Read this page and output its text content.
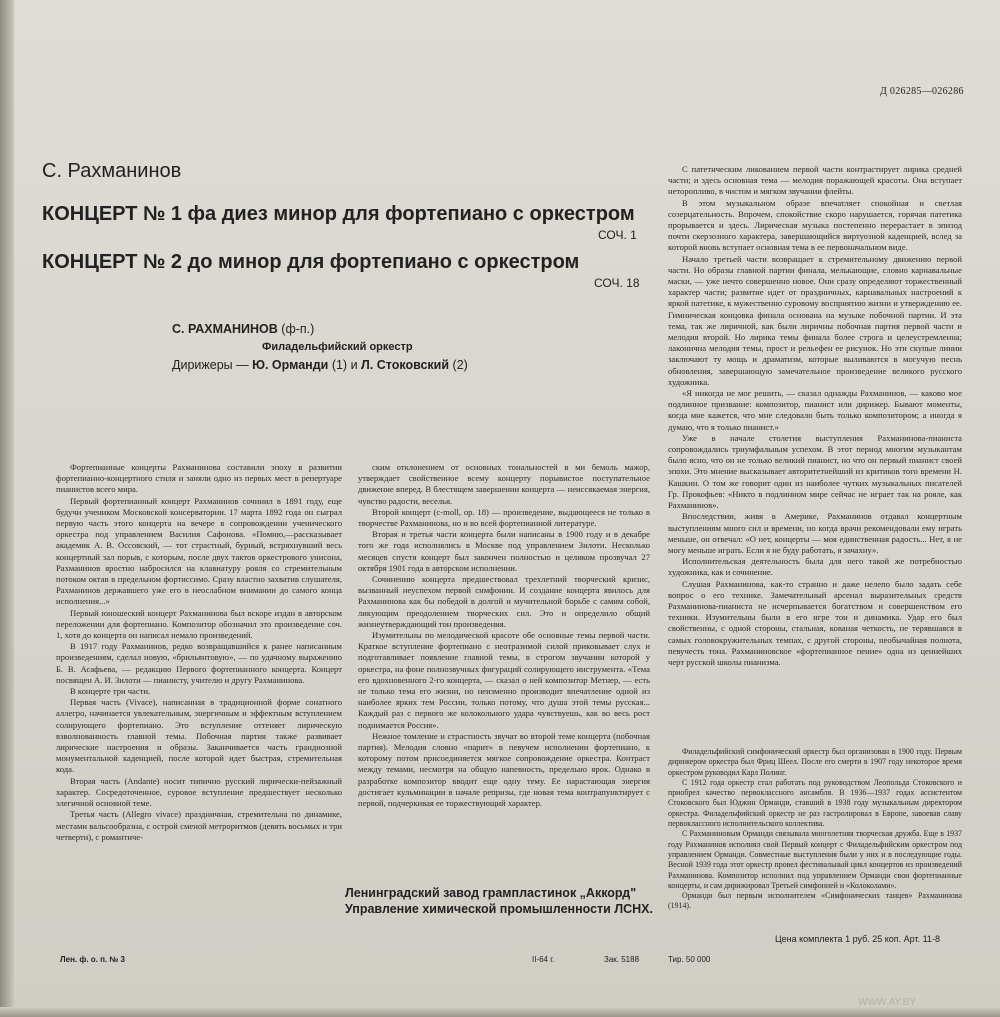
Д 026285—026286
С. Рахманинов
КОНЦЕРТ № 1 фа диез минор для фортепиано с оркестром
СОЧ. 1
КОНЦЕРТ № 2 до минор для фортепиано с оркестром
СОЧ. 18
С. РАХМАНИНОВ (ф-п.)
Филадельфийский оркестр
Дирижеры — Ю. Орманди (1) и Л. Стоковский (2)

Фортепианные концерты Рахманинова составили эпоху в развитии фортепианно-концертного стиля и заняли одно из первых мест в репертуаре пианистов всего мира.

Первый фортепианный концерт Рахманинов сочинил в 1891 году, еще будучи учеником Московской консерватории. 17 марта 1892 года он сыграл первую часть этого концерта на вечере в сопровождении ученического оркестра под управлением Василия Сафонова. «Помню,—рассказывает академик А. В. Оссовский, — тот страстный, бурный, встряхнувший весь концертный зал порыв, с которым, после двух тактов оркестрового унисона, Рахманинов яростно набросился на клавиатуру рояля со стремительным потоком октав в предельном фортиссимо. Сразу властно захватив слушателя, Рахманинов державшего уже его в неослабном внимании до самого конца исполнения...»

Первый юношеский концерт Рахманинова был вскоре издан в авторском переложении для фортепиано. Композитор обозначил это произведение соч. 1, хотя до концерта он написал немало произведений.

В 1917 году Рахманинов, редко возвращавшийся к ранее написанным произведениям, сделал новую, «брильянтовую», — по удачному выражению Б. В. Асафьева, — редакцию Первого фортепианного концерта. Концерт посвящен А. И. Зилоти — пианисту, учителю и другу Рахманинова.

В концерте три части.

Первая часть (Vivace), написанная в традиционной форме сонатного аллегро, начинается увлекательным, энергичным и эффектным вступлением солирующего фортепиано. Это вступление оттеняет лирическую взволнованность главной темы. Побочная партия также развивает лирические настроения и образы. Заканчивается часть грандиозной монументальной каденцией, после которой идет быстрая, стремительная кода.

Вторая часть (Andante) носит типично русский лирически-пейзажный характер. Сосредоточенное, суровое вступление предшествует несколько элегичной основной теме.

Третья часть (Allegro vivace) праздничная, стремительна по динамике, местами вальсообразна, с острой сменой метроритмов (девять восьмых и три четверти), с романтиче-

ским отклонением от основных тональностей в ми бемоль мажор, утверждает свойственное всему концерту порывистое поступательное движение вперед. В блестящем завершении концерта — неиссякаемая энергия, чувство радости, веселья.

Второй концерт (c-moll, op. 18) — произведение, выдающееся не только в творчестве Рахманинова, но и во всей фортепианной литературе.

Вторая и третья части концерта были написаны в 1900 году и в декабре того же года исполнялись в Москве под управлением Зилоти. Несколько месяцев спустя концерт был закончен полностью и целиком прозвучал 27 октября 1901 года в авторском исполнении.

Сочинению концерта предшествовал трехлетний творческий кризис, вызванный неуспехом первой симфонии. И создание концерта явилось для Рахманинова как бы победой в долгой и мучительной борьбе с самим собой, ликующим преодолением творческих сил. Это и определило общий жизнеутверждающий тон произведения.

Изумительны по мелодической красоте обе основные темы первой части. Краткое вступление фортепиано с неотразимой силой приковывает слух и подготавливает появление главной темы, в строгом звучании которой у оркестра, на фоне полнозвучных фигураций солирующего инструмента. «Тема его вдохновенного 2-го концерта, — сказал о ней композитор Метнер, — есть не только тема его жизни, но неизменно производит впечатление одной из наиболее ярких тем России, только потому, что душа этой темы русская... Каждый раз с первого же колокольного удара чувствуешь, как во весь рост поднимается Россия».

Нежное томление и страстность звучат во второй теме концерта (побочная партия). Мелодия словно «парит» в певучем исполнении фортепиано, к которому потом присоединяется мягкое сопровождение оркестра. Контраст между темами, несмотря на общую напевность, предельно ярок. Однако в разработке композитор вводит еще одну тему. Ее нарастающая энергия достигает кульминации в начале репризы, где новая тема контрапунктирует с первой, подчеркивая ее торжествующий характер.

С патетическим ликованием первой части контрастирует лирика средней части; и здесь основная тема — мелодия поражающей красоты. Она вступает неторопливо, в чистом и мягком звучании флейты.

В этом музыкальном образе впечатляет спокойная и светлая созерцательность. Впрочем, спокойствие скоро нарушается, горячая патетика прорывается и здесь. Лирическая музыка постепенно перерастает в эпизод почти скерзозного характера, завершающийся виртуозной каденцией, вслед за которой вновь вступает основная тема в ее первоначальном виде.

Начало третьей части возвращает к стремительному движению первой части. Но образы главной партии финала, мелькающие, словно карнавальные маски, — уже нечто совершенно новое. Они сразу определяют торжественный характер части; развитие идет от праздничных, карнавальных настроений к яркой патетике, к мужественно суровому восприятию жизни и утверждению ее. Гимническая концовка финала основана на музыке побочной партии. И эта тема, так же лиричной, как были лиричны побочная партия первой части и мелодия второй. Но лирика темы финала более строга и целеустремленна; лаконична мелодия темы, прост и рельефен ее рисунок. Но эти скупые линии заключают ту мощь и драматизм, которые выливаются в могучую песнь обновления, завершающую замечательное произведение великого русского художника.

«Я никогда не мог решить, — сказал однажды Рахманинов, — каково мое подлинное призвание: композитор, пианист или дирижер. Бывают моменты, когда мне кажется, что мне следовало быть только композитором; а иногда я думаю, что я только пианист.»

Уже в начале столетия выступления Рахманинова-пианиста сопровождались триумфальным успехом. В этот период многим музыкантам было ясно, что он не только великий пианист, но что он первый пианист своей эпохи. Это мнение высказывает авторитетнейший из критиков того времени Н. Кашкин. О том же говорит один из наиболее чутких музыкальных писателей Гр. Прокофьев: «Никто в подлинном мире сейчас не играет так на рояле, как Рахманинов».

Впоследствии, живя в Америке, Рахманинов отдавал концертным выступлениям много сил и времени, но когда врачи рекомендовали ему играть меньше, он отвечал: «О нет, концерты — моя единственная радость... Нет, я не могу меньше играть. Если я не буду работать, я зачахну».

Исполнительская деятельность была для него такой же потребностью художника, как и сочинение.

Слушая Рахманинова, как-то странно и даже нелепо было задать себе вопрос о его технике. Замечательный арсенал выразительных средств Рахманинова-пианиста не исчерпывается богатством и совершенством его техники. Изумительны были в его игре тон и динамика. Удар его был свойственны, с одной стороны, стальная, кованая четкость, не терявшаяся в самых головокружительных темпах, с другой стороны, необычайная полнота, певучесть тона. Рахманиновское «фортепианное пение» одна из ценнейших черт русской школы пианизма.

Филадельфийский симфонический оркестр был организован в 1900 году. Первым дирижером оркестра был Фриц Шеел. После его смерти в 1907 году некоторое время оркестром руководил Карл Полинг.

С 1912 года оркестр стал работать под руководством Леопольда Стоковского и приобрел качество первоклассного ансамбля. В 1936—1937 годах ассистентом Стоковского был Юджин Орманди, ставший в 1938 году музыкальным директором оркестра. Филадельфийский оркестр не раз гастролировал в Европе, завоевав славу первоклассного исполнительского коллектива.

С Рахманиновым Орманди связывала многолетняя творческая дружба. Еще в 1937 году Рахманинов исполнял свой Первый концерт с Филадельфийским оркестром под управлением Орманди. Совместные выступления были у них и в последующие годы. Весной 1939 года этот оркестр провел фестивальный цикл концертов из произведений Рахманинова. Композитор исполнил под управлением Орманди свои фортепианные концерты, и сам дирижировал Третьей симфонией и «Колоколами».

Орманди был первым исполнителем «Симфонических танцев» Рахманинова (1914).

Ленинградский завод грампластинок „Аккорд"
Управление химической промышленности ЛСНХ.
Цена комплекта 1 руб. 25 коп. Арт. 11-8
Лен. ф. о. п. № 3	II-64 г.	Зак. 5188	Тир. 50 000
WWW.AY.BY
